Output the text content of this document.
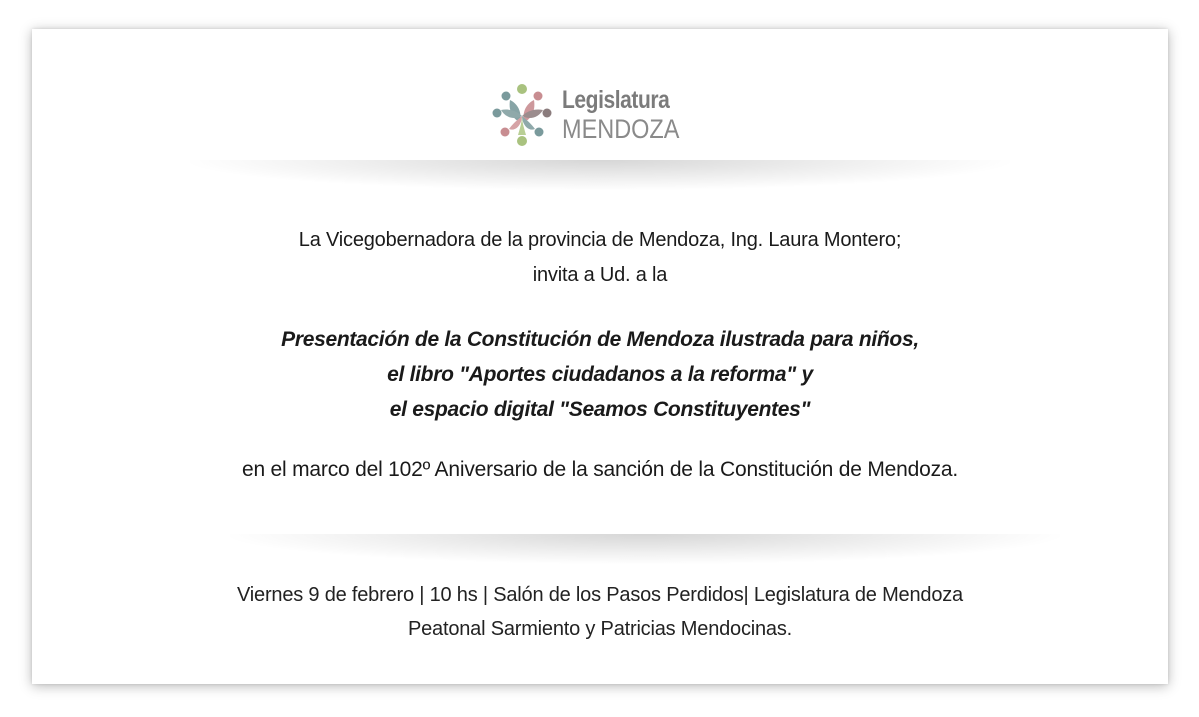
Legislatura
MENDOZA
La Vicegobernadora de la provincia de Mendoza, Ing. Laura Montero;
invita a Ud. a la
Presentación de la Constitución de Mendoza ilustrada para niños,
el libro "Aportes ciudadanos a la reforma" y
el espacio digital "Seamos Constituyentes"
en el marco del 102º Aniversario de la sanción de la Constitución de Mendoza.
Viernes 9 de febrero | 10 hs | Salón de los Pasos Perdidos| Legislatura de Mendoza
Peatonal Sarmiento y Patricias Mendocinas.
